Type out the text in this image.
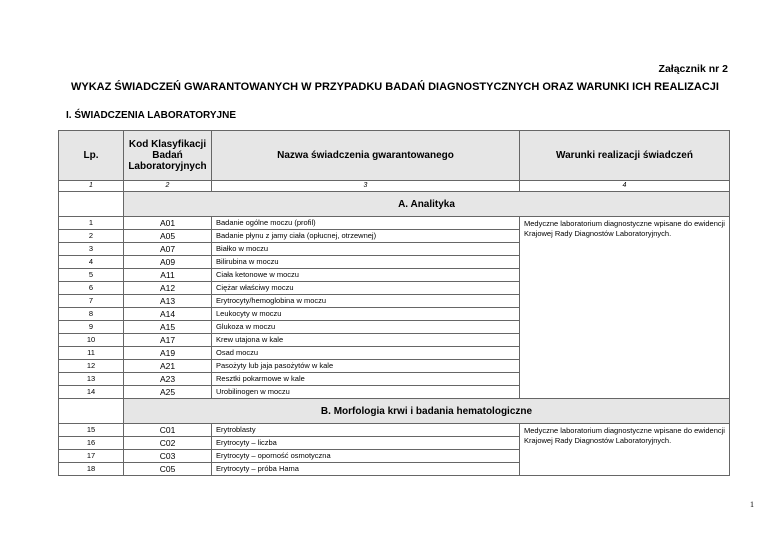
Załącznik nr 2
WYKAZ ŚWIADCZEŃ GWARANTOWANYCH W PRZYPADKU BADAŃ DIAGNOSTYCZNYCH ORAZ WARUNKI ICH REALIZACJI
I. ŚWIADCZENIA LABORATORYJNE
Lp.	Kod Klasyfikacji Badań Laboratoryjnych	Nazwa świadczenia gwarantowanego	Warunki realizacji świadczeń
1	2	3	4
	A. Analityka		
1	A01	Badanie ogólne moczu (profil)	Medyczne laboratorium diagnostyczne wpisane do ewidencji Krajowej Rady Diagnostów Laboratoryjnych.
2	A05	Badanie płynu z jamy ciała (opłucnej, otrzewnej)	
3	A07	Białko w moczu	
4	A09	Bilirubina w moczu	
5	A11	Ciała ketonowe w moczu	
6	A12	Ciężar właściwy moczu	
7	A13	Erytrocyty/hemoglobina w moczu	
8	A14	Leukocyty w moczu	
9	A15	Glukoza w moczu	
10	A17	Krew utajona w kale	
11	A19	Osad moczu	
12	A21	Pasożyty lub jaja pasożytów w kale	
13	A23	Resztki pokarmowe w kale	
14	A25	Urobilinogen w moczu	
	B. Morfologia krwi i badania hematologiczne		
15	C01	Erytroblasty	Medyczne laboratorium diagnostyczne wpisane do ewidencji Krajowej Rady Diagnostów Laboratoryjnych.
16	C02	Erytrocyty – liczba	
17	C03	Erytrocyty – oporność osmotyczna	
18	C05	Erytrocyty – próba Hama	
1
